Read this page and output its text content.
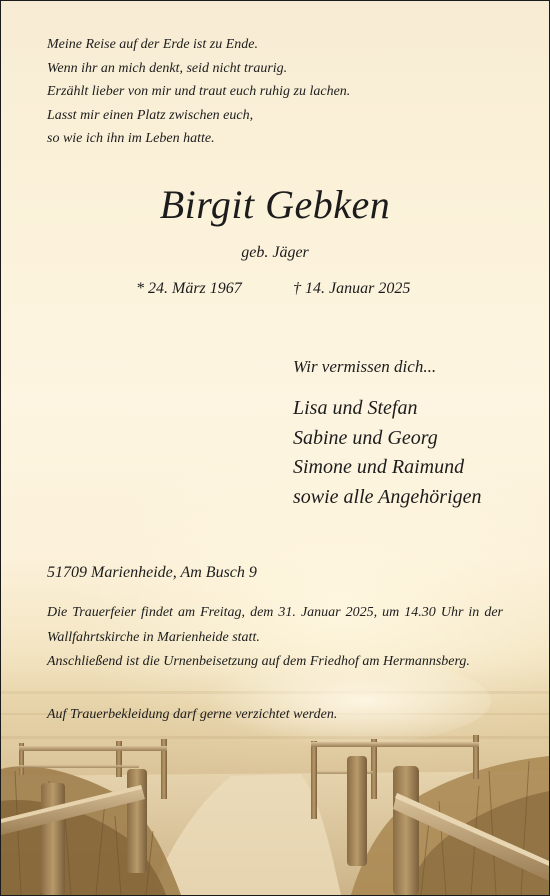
Meine Reise auf der Erde ist zu Ende.
Wenn ihr an mich denkt, seid nicht traurig.
Erzählt lieber von mir und traut euch ruhig zu lachen.
Lasst mir einen Platz zwischen euch,
so wie ich ihn im Leben hatte.
Birgit Gebken
geb. Jäger
* 24. März 1967	† 14. Januar 2025
Wir vermissen dich...
Lisa und Stefan
Sabine und Georg
Simone und Raimund
sowie alle Angehörigen
51709 Marienheide, Am Busch 9

Die Trauerfeier findet am Freitag, dem 31. Januar 2025, um 14.30 Uhr in der Wallfahrtskirche in Marienheide statt.

Anschließend ist die Urnenbeisetzung auf dem Friedhof am Hermannsberg.

Auf Trauerbekleidung darf gerne verzichtet werden.
